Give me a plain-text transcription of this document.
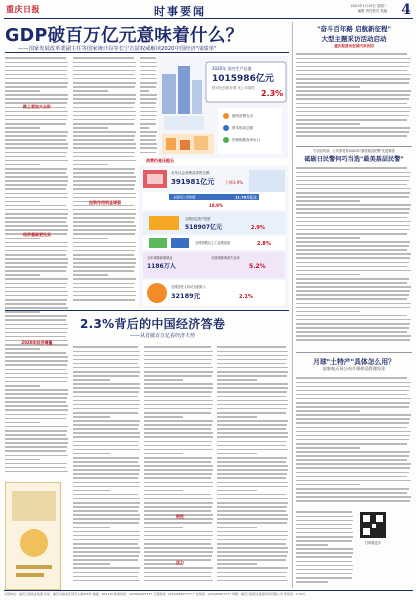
重庆日报	时事要闻	2021年1月19日 星期二
编辑 责任校对 美编 4
GDP破百万亿元意味着什么？
——国家发展改革委副主任等国家统计局等长宁吉喆权威解读2020中国经济"成绩单"
路上更加大台阶
经济基础更扎实
2020年经济增量
投资作用明显增强
2020年 国内生产总值
1015986亿元
按可比价格计算 比上年增长
2.3%
最终消费支出
资本形成总额
货物和服务净出口
消费仍是压舱石
全年社会消费品零售总额
391981亿元	下降3.9%
全国网上零售额	11.76万亿元
10.9%
全国固定资产投资
518907亿元	2.9%
全国规模以上工业增加值	2.8%
全年城镇新增就业
1186万人
全国城镇调查失业率
5.2%
全国居民人均可支配收入
32189元	2.1%
2.3%背后的中国经济答卷
——从首破百万亿看经济大势
韧性
活力
"奋斗百年路 启航新征程"
大型主题采访活动启动
重庆报道出征国内采访团
中央宣传部、公安部发布2020年"最美基层民警"先进事迹
砥砺日民警何巧当选"最美基层民警"
月球"土特产"具体怎么用？
国家航天局公布月球样品管理办法
扫码看更多
主管单位：重庆日报报业集团 社址：重庆市渝北区同茂大道416号 邮编：401120 新闻热线：(023)63907777 订阅热线：(023)63907777 广告热线：(023)63907777 印刷：重庆日报报业集团印务有限公司 零售价：1.50元
